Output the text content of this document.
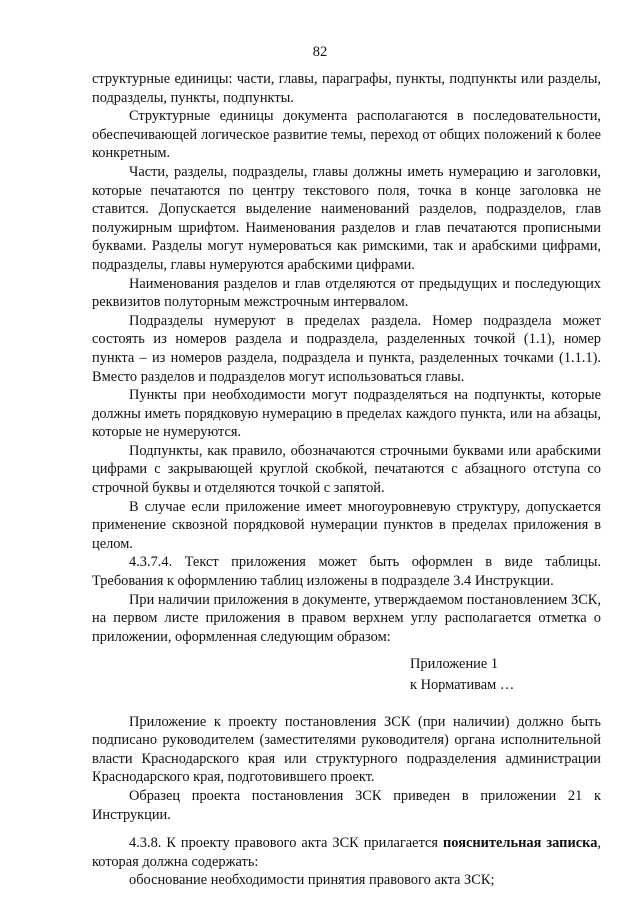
82

структурные единицы: части, главы, параграфы, пункты, подпункты или разделы, подразделы, пункты, подпункты.

Структурные единицы документа располагаются в последовательности, обеспечивающей логическое развитие темы, переход от общих положений к более конкретным.

Части, разделы, подразделы, главы должны иметь нумерацию и заголовки, которые печатаются по центру текстового поля, точка в конце заголовка не ставится. Допускается выделение наименований разделов, подразделов, глав полужирным шрифтом. Наименования разделов и глав печатаются прописными буквами. Разделы могут нумероваться как римскими, так и арабскими цифрами, подразделы, главы нумеруются арабскими цифрами.

Наименования разделов и глав отделяются от предыдущих и последующих реквизитов полуторным межстрочным интервалом.

Подразделы нумеруют в пределах раздела. Номер подраздела может состоять из номеров раздела и подраздела, разделенных точкой (1.1), номер пункта – из номеров раздела, подраздела и пункта, разделенных точками (1.1.1). Вместо разделов и подразделов могут использоваться главы.

Пункты при необходимости могут подразделяться на подпункты, которые должны иметь порядковую нумерацию в пределах каждого пункта, или на абзацы, которые не нумеруются.

Подпункты, как правило, обозначаются строчными буквами или арабскими цифрами с закрывающей круглой скобкой, печатаются с абзацного отступа со строчной буквы и отделяются точкой с запятой.

В случае если приложение имеет многоуровневую структуру, допускается применение сквозной порядковой нумерации пунктов в пределах приложения в целом.

4.3.7.4. Текст приложения может быть оформлен в виде таблицы. Требования к оформлению таблиц изложены в подразделе 3.4 Инструкции.

При наличии приложения в документе, утверждаемом постановлением ЗСК, на первом листе приложения в правом верхнем углу располагается отметка о приложении, оформленная следующим образом:

Приложение 1

к Нормативам …

Приложение к проекту постановления ЗСК (при наличии) должно быть подписано руководителем (заместителями руководителя) органа исполнительной власти Краснодарского края или структурного подразделения администрации Краснодарского края, подготовившего проект.

Образец проекта постановления ЗСК приведен в приложении 21 к Инструкции.

4.3.8. К проекту правового акта ЗСК прилагается пояснительная записка, которая должна содержать:

обоснование необходимости принятия правового акта ЗСК;
